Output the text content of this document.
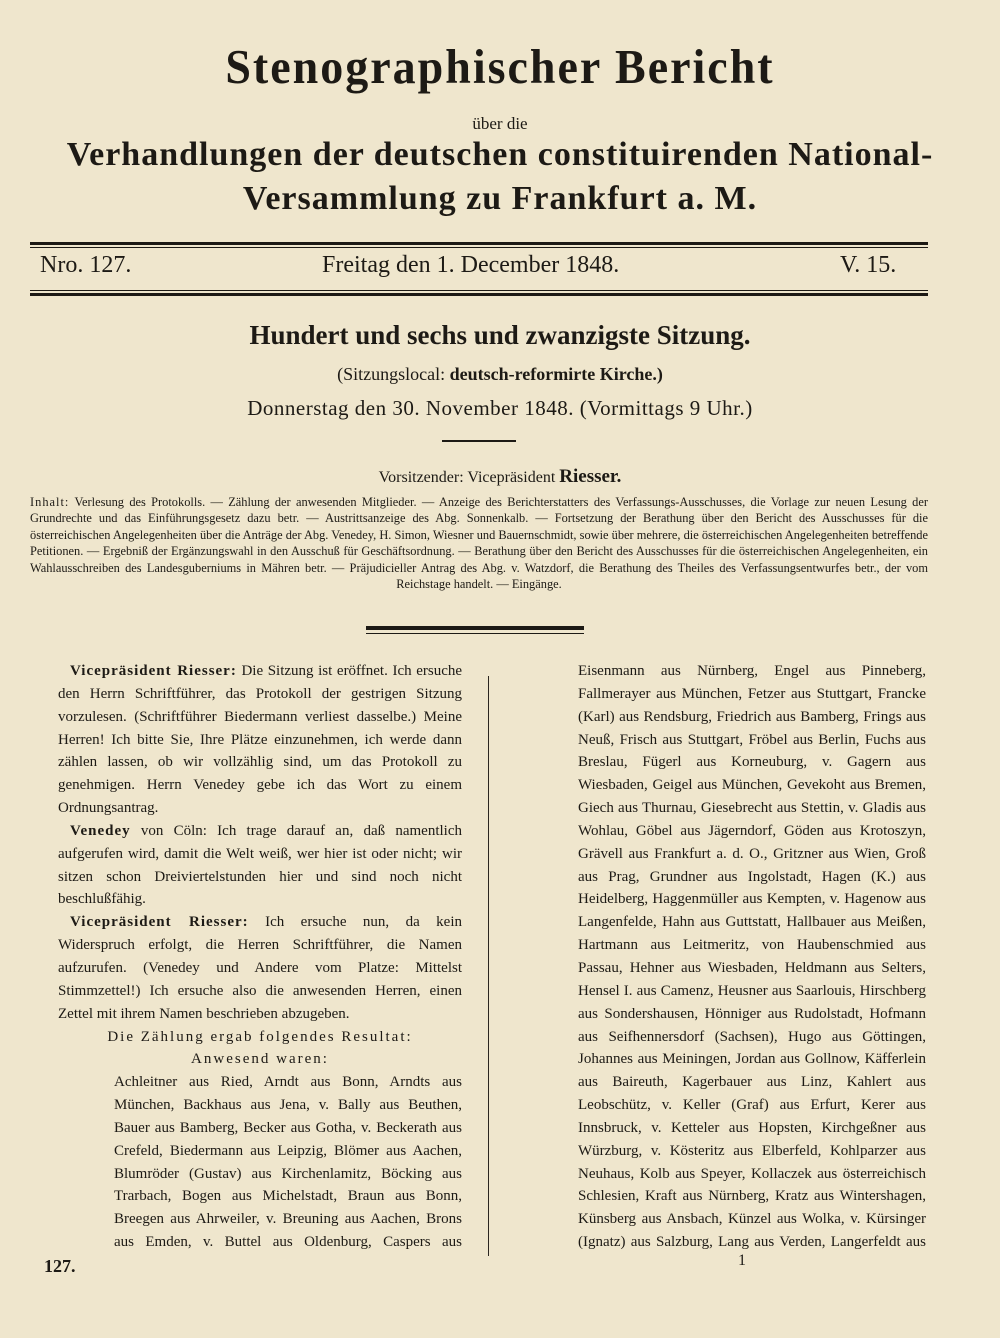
Stenographischer Bericht
über die
Verhandlungen der deutschen constituirenden National-
Versammlung zu Frankfurt a. M.
Nro. 127.	Freitag den 1. December 1848.	V. 15.
Hundert und sechs und zwanzigste Sitzung.
(Sitzungslocal: deutsch-reformirte Kirche.)
Donnerstag den 30. November 1848. (Vormittags 9 Uhr.)
Vorsitzender: Vicepräsident Riesser.
Inhalt: Verlesung des Protokolls. — Zählung der anwesenden Mitglieder. — Anzeige des Berichterstatters des Verfassungs-Ausschusses, die Vorlage zur neuen Lesung der Grundrechte und das Einführungsgesetz dazu betr. — Austrittsanzeige des Abg. Sonnenkalb. — Fortsetzung der Berathung über den Bericht des Ausschusses für die österreichischen Angelegenheiten über die Anträge der Abg. Venedey, H. Simon, Wiesner und Bauernschmidt, sowie über mehrere, die österreichischen Angelegenheiten betreffende Petitionen. — Ergebniß der Ergänzungswahl in den Ausschuß für Geschäftsordnung. — Berathung über den Bericht des Ausschusses für die österreichischen Angelegenheiten, ein Wahlausschreiben des Landesguberniums in Mähren betr. — Präjudicieller Antrag des Abg. v. Watzdorf, die Berathung des Theiles des Verfassungsentwurfes betr., der vom Reichstage handelt. — Eingänge.

Vicepräsident Riesser: Die Sitzung ist eröffnet. Ich ersuche den Herrn Schriftführer, das Protokoll der gestrigen Sitzung vorzulesen. (Schriftführer Biedermann verliest dasselbe.) Meine Herren! Ich bitte Sie, Ihre Plätze einzunehmen, ich werde dann zählen lassen, ob wir vollzählig sind, um das Protokoll zu genehmigen. Herrn Venedey gebe ich das Wort zu einem Ordnungsantrag.

Venedey von Cöln: Ich trage darauf an, daß namentlich aufgerufen wird, damit die Welt weiß, wer hier ist oder nicht; wir sitzen schon Dreiviertelstunden hier und sind noch nicht beschlußfähig.

Vicepräsident Riesser: Ich ersuche nun, da kein Widerspruch erfolgt, die Herren Schriftführer, die Namen aufzurufen. (Venedey und Andere vom Platze: Mittelst Stimmzettel!) Ich ersuche also die anwesenden Herren, einen Zettel mit ihrem Namen beschrieben abzugeben.

Die Zählung ergab folgendes Resultat:

Anwesend waren:

Achleitner aus Ried, Arndt aus Bonn, Arndts aus München, Backhaus aus Jena, v. Bally aus Beuthen, Bauer aus Bamberg, Becker aus Gotha, v. Beckerath aus Crefeld, Biedermann aus Leipzig, Blömer aus Aachen, Blumröder (Gustav) aus Kirchenlamitz, Böcking aus Trarbach, Bogen aus Michelstadt, Braun aus Bonn, Breegen aus Ahrweiler, v. Breuning aus Aachen, Brons aus Emden, v. Buttel aus Oldenburg, Caspers aus

Eisenmann aus Nürnberg, Engel aus Pinneberg, Fallmerayer aus München, Fetzer aus Stuttgart, Francke (Karl) aus Rendsburg, Friedrich aus Bamberg, Frings aus Neuß, Frisch aus Stuttgart, Fröbel aus Berlin, Fuchs aus Breslau, Fügerl aus Korneuburg, v. Gagern aus Wiesbaden, Geigel aus München, Gevekoht aus Bremen, Giech aus Thurnau, Giesebrecht aus Stettin, v. Gladis aus Wohlau, Göbel aus Jägerndorf, Göden aus Krotoszyn, Grävell aus Frankfurt a. d. O., Gritzner aus Wien, Groß aus Prag, Grundner aus Ingolstadt, Hagen (K.) aus Heidelberg, Haggenmüller aus Kempten, v. Hagenow aus Langenfelde, Hahn aus Guttstatt, Hallbauer aus Meißen, Hartmann aus Leitmeritz, von Haubenschmied aus Passau, Hehner aus Wiesbaden, Heldmann aus Selters, Hensel I. aus Camenz, Heusner aus Saarlouis, Hirschberg aus Sondershausen, Hönniger aus Rudolstadt, Hofmann aus Seifhennersdorf (Sachsen), Hugo aus Göttingen, Johannes aus Meiningen, Jordan aus Gollnow, Käfferlein aus Baireuth, Kagerbauer aus Linz, Kahlert aus Leobschütz, v. Keller (Graf) aus Erfurt, Kerer aus Innsbruck, v. Ketteler aus Hopsten, Kirchgeßner aus Würzburg, v. Kösteritz aus Elberfeld, Kohlparzer aus Neuhaus, Kolb aus Speyer, Kollaczek aus österreichisch Schlesien, Kraft aus Nürnberg, Kratz aus Wintershagen, Künsberg aus Ansbach, Künzel aus Wolka, v. Kürsinger (Ignatz) aus Salzburg, Lang aus Verden, Langerfeldt aus

127.	1
